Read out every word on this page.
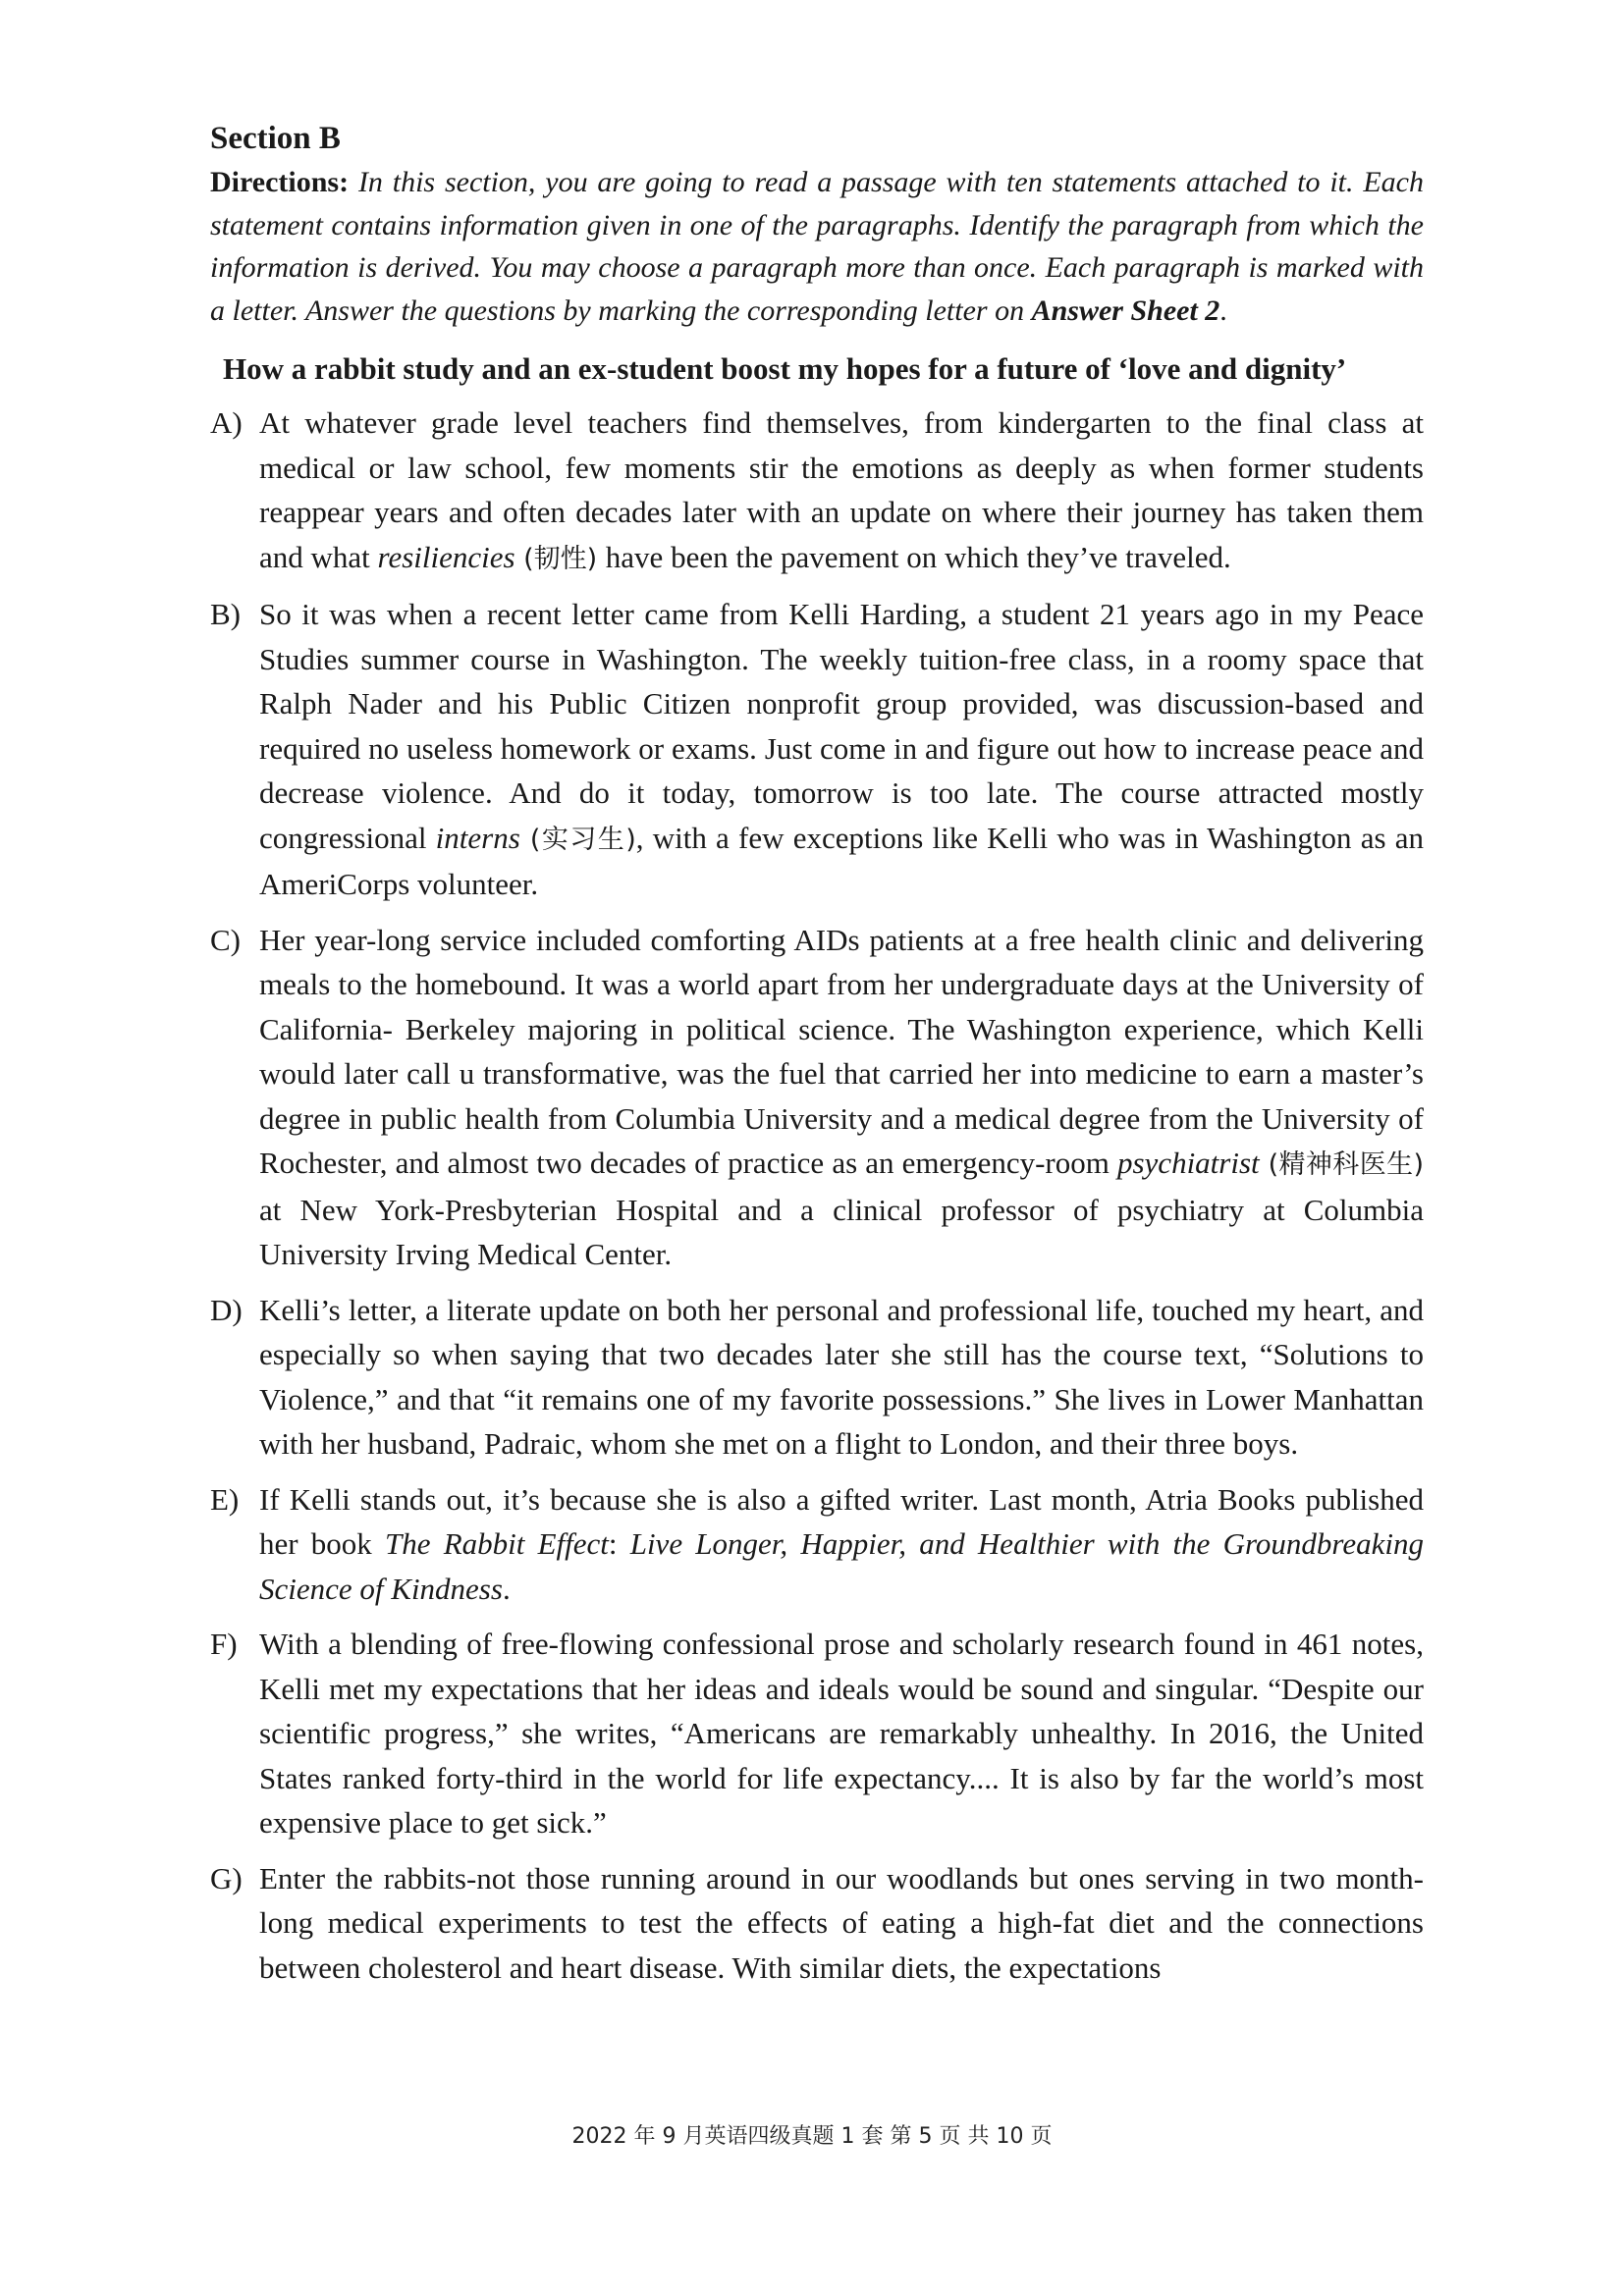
Section B

Directions: In this section, you are going to read a passage with ten statements attached to it. Each statement contains information given in one of the paragraphs. Identify the paragraph from which the information is derived. You may choose a paragraph more than once. Each paragraph is marked with a letter. Answer the questions by marking the corresponding letter on Answer Sheet 2.

How a rabbit study and an ex-student boost my hopes for a future of ‘love and dignity’

A) At whatever grade level teachers find themselves, from kindergarten to the final class at medical or law school, few moments stir the emotions as deeply as when former students reappear years and often decades later with an update on where their journey has taken them and what resiliencies (韧性) have been the pavement on which they’ve traveled.
B) So it was when a recent letter came from Kelli Harding, a student 21 years ago in my Peace Studies summer course in Washington. The weekly tuition-free class, in a roomy space that Ralph Nader and his Public Citizen nonprofit group provided, was discussion-based and required no useless homework or exams. Just come in and figure out how to increase peace and decrease violence. And do it today, tomorrow is too late. The course attracted mostly congressional interns (实习生), with a few exceptions like Kelli who was in Washington as an AmeriCorps volunteer.
C) Her year-long service included comforting AIDs patients at a free health clinic and delivering meals to the homebound. It was a world apart from her undergraduate days at the University of California- Berkeley majoring in political science. The Washington experience, which Kelli would later call u transformative, was the fuel that carried her into medicine to earn a master’s degree in public health from Columbia University and a medical degree from the University of Rochester, and almost two decades of practice as an emergency-room psychiatrist (精神科医生) at New York-Presbyterian Hospital and a clinical professor of psychiatry at Columbia University Irving Medical Center.
D) Kelli’s letter, a literate update on both her personal and professional life, touched my heart, and especially so when saying that two decades later she still has the course text, “Solutions to Violence,” and that “it remains one of my favorite possessions.” She lives in Lower Manhattan with her husband, Padraic, whom she met on a flight to London, and their three boys.
E) If Kelli stands out, it’s because she is also a gifted writer. Last month, Atria Books published her book The Rabbit Effect: Live Longer, Happier, and Healthier with the Groundbreaking Science of Kindness.
F) With a blending of free-flowing confessional prose and scholarly research found in 461 notes, Kelli met my expectations that her ideas and ideals would be sound and singular. “Despite our scientific progress,” she writes, “Americans are remarkably unhealthy. In 2016, the United States ranked forty-third in the world for life expectancy.... It is also by far the world’s most expensive place to get sick.”
G) Enter the rabbits-not those running around in our woodlands but ones serving in two month-long medical experiments to test the effects of eating a high-fat diet and the connections between cholesterol and heart disease. With similar diets, the expectations
2022 年 9 月英语四级真题 1 套 第 5 页 共 10 页
